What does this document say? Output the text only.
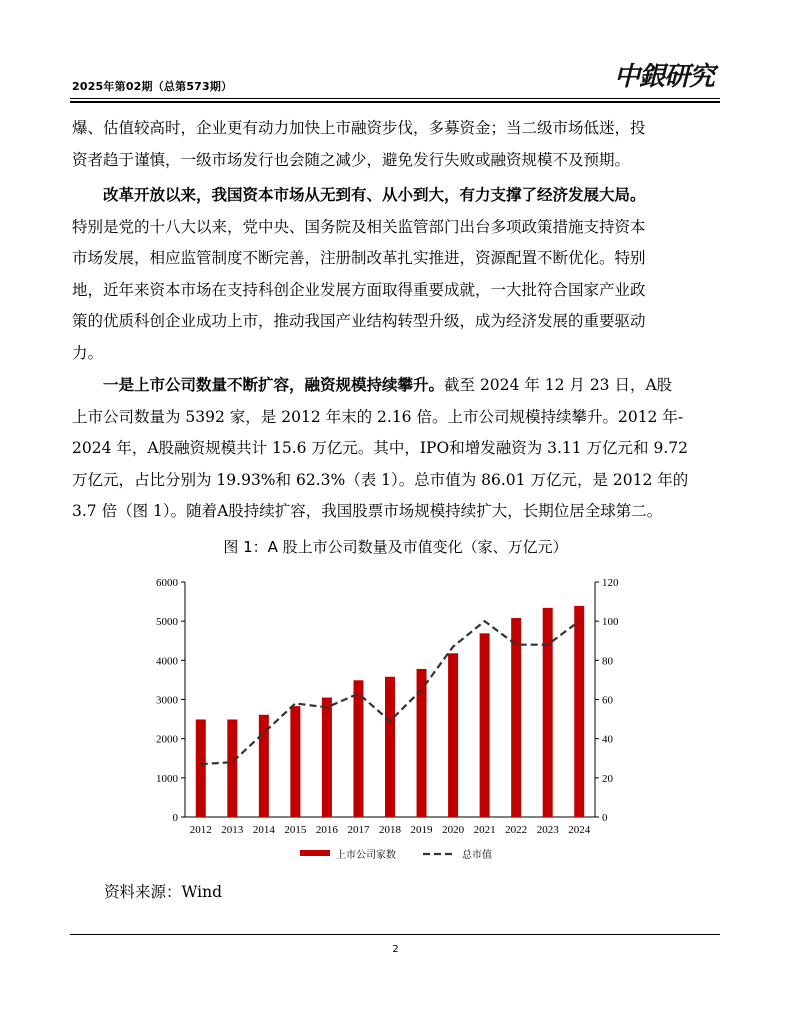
2025年第02期（总第573期）	中銀研究
爆、估值较高时，企业更有动力加快上市融资步伐，多募资金；当二级市场低迷，投
资者趋于谨慎，一级市场发行也会随之减少，避免发行失败或融资规模不及预期。
改革开放以来，我国资本市场从无到有、从小到大，有力支撑了经济发展大局。
特别是党的十八大以来，党中央、国务院及相关监管部门出台多项政策措施支持资本
市场发展，相应监管制度不断完善，注册制改革扎实推进，资源配置不断优化。特别
地，近年来资本市场在支持科创企业发展方面取得重要成就，一大批符合国家产业政
策的优质科创企业成功上市，推动我国产业结构转型升级，成为经济发展的重要驱动
力。
一是上市公司数量不断扩容，融资规模持续攀升。截至 2024 年 12 月 23 日，A股
上市公司数量为 5392 家，是 2012 年末的 2.16 倍。上市公司规模持续攀升。2012 年-
2024 年，A股融资规模共计 15.6 万亿元。其中，IPO和增发融资为 3.11 万亿元和 9.72
万亿元，占比分别为 19.93%和 62.3%（表 1）。总市值为 86.01 万亿元，是 2012 年的
3.7 倍（图 1）。随着A股持续扩容，我国股票市场规模持续扩大，长期位居全球第二。
图 1：A 股上市公司数量及市值变化（家、万亿元）
0
1000
2000
3000
4000
5000
6000
0
20
40
60
80
100
120
2012 2013 2014 2015 2016 2017 2018 2019 2020 2021 2022 2023 2024
上市公司家数	总市值
资料来源：Wind
2
